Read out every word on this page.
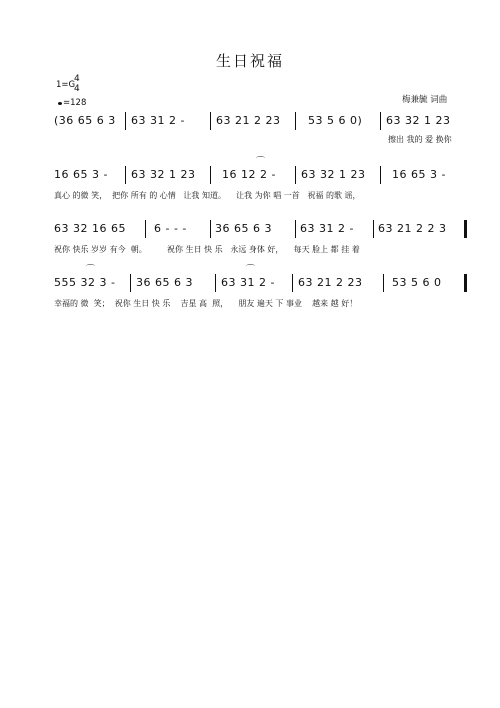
生日祝福
1=G
4
4
=128	梅兼毓 词曲
(36 65 6 3 63 31 2 -	63 21 2 23	53 5 6 0) 63 32 1 23
擦出 我的 爱 换你
⌒
16 65 3 - 63 32 1 23 16 12 2 - 63 32 1 23 16 65 3 -
真心 的微 笑，  把你 所有 的 心情   让我 知道。    让我 为你 唱 一首   祝福 的歌 谣，
63 32 16 65	6 - - -	36 65 6 3	63 31 2 - 63 21 2 2 3
祝你 快乐 岁岁 有今  朝。        祝你 生日 快 乐   永远 身体 好，    每天 脸上 都 挂 着
⌒	⌒
555 32 3 - 36 65 6 3	63 31 2 - 63 21 2 23	53 5 6 0
幸福的 微  笑；  祝你 生日 快 乐    吉星 高  照，    朋友 遍天 下 事业    越来 越 好！
